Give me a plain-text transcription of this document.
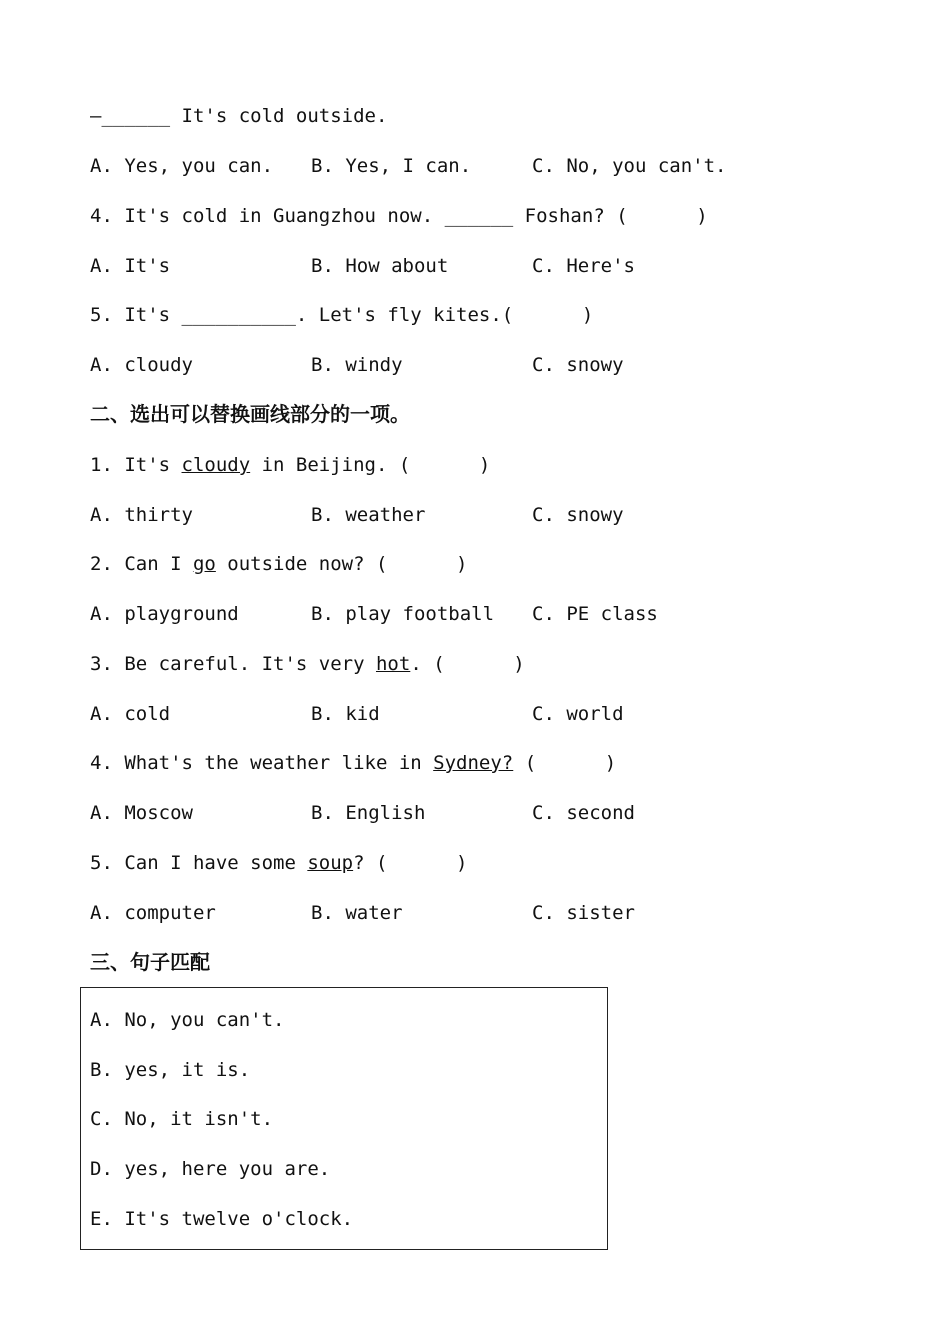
—______ It's cold outside.
A. Yes, you can. B. Yes, I can.	C. No, you can't.
4. It's cold in Guangzhou now. ______ Foshan? (      )
A. It's	B. How about	C. Here's
5. It's __________. Let's fly kites.(      )
A. cloudy	B. windy	C. snowy
二、选出可以替换画线部分的一项。
1. It's cloudy in Beijing. (      )
A. thirty	B. weather	C. snowy
2. Can I go outside now? (      )
A. playground	B. play football C. PE class
3. Be careful. It's very hot. (      )
A. cold	B. kid	C. world
4. What's the weather like in Sydney? (      )
A. Moscow	B. English	C. second
5. Can I have some soup? (      )
A. computer	B. water	C. sister
三、句子匹配
A. No, you can't.
B. yes, it is.
C. No, it isn't.
D. yes, here you are.
E. It's twelve o'clock.
